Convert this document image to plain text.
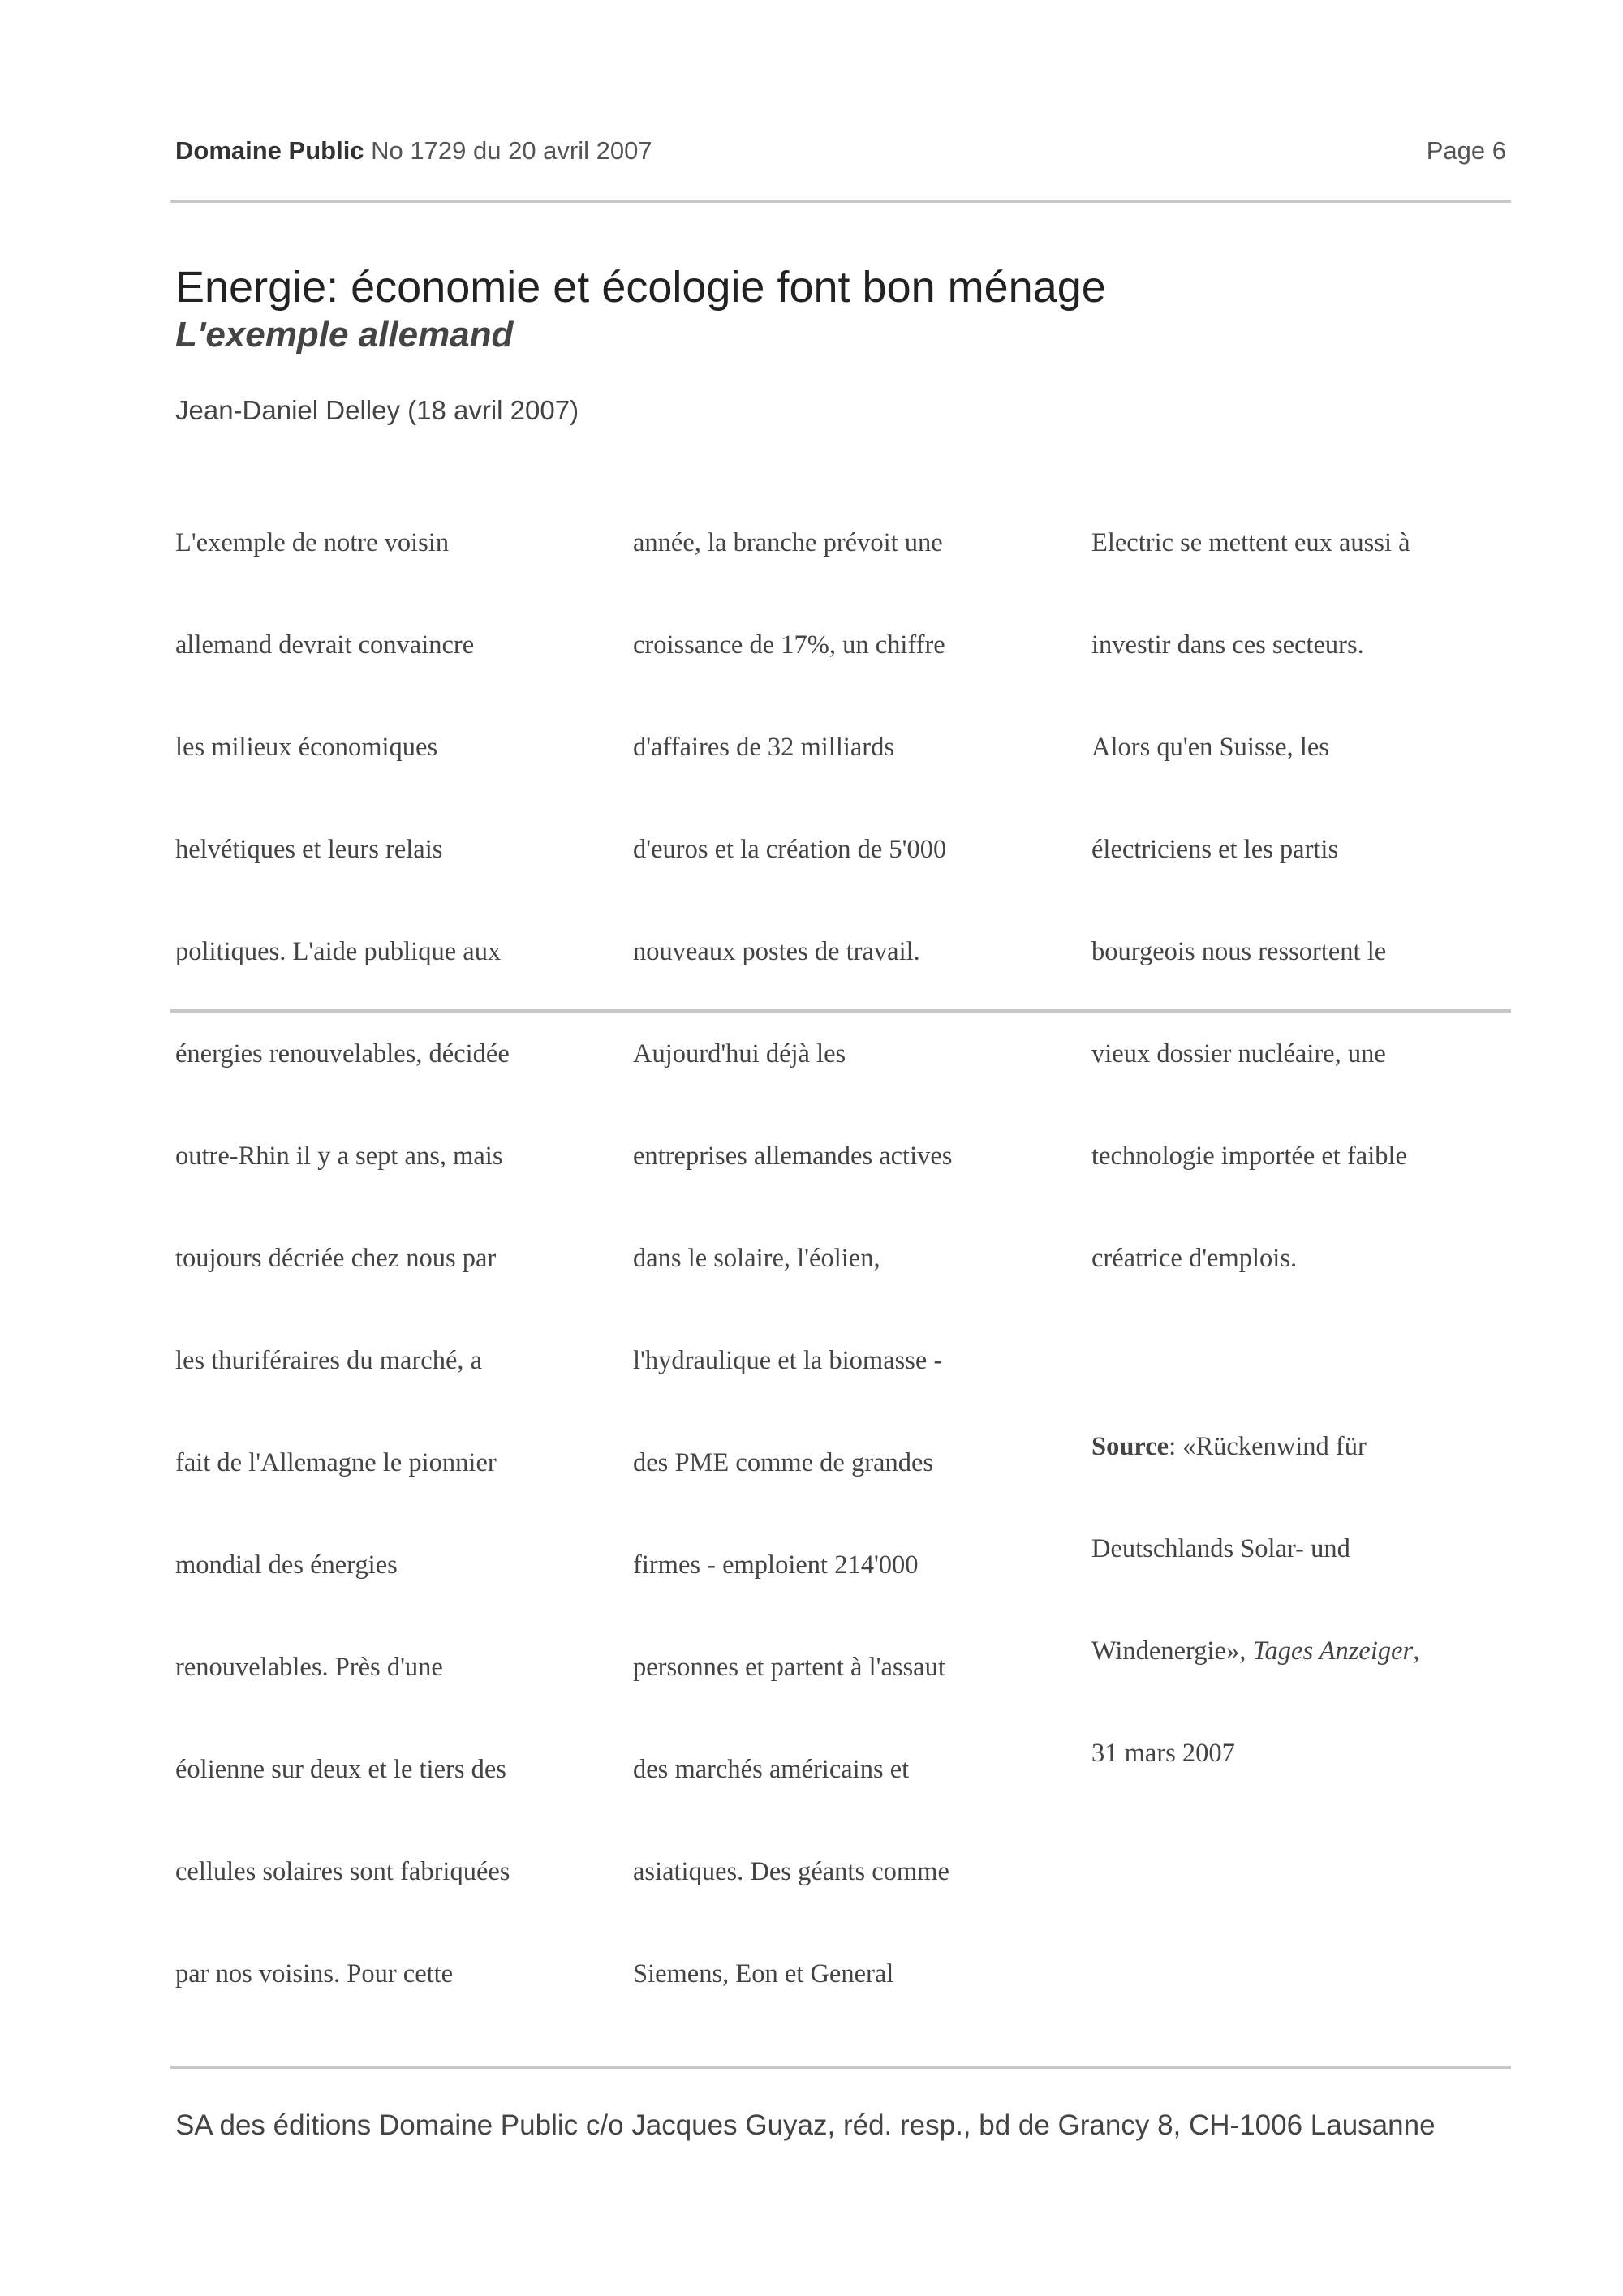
Domaine Public No 1729 du 20 avril 2007	Page 6
Energie: économie et écologie font bon ménage
L'exemple allemand
Jean-Daniel Delley (18 avril 2007)

L'exemple de notre voisin

allemand devrait convaincre

les milieux économiques

helvétiques et leurs relais

politiques. L'aide publique aux

énergies renouvelables, décidée

outre-Rhin il y a sept ans, mais

toujours décriée chez nous par

les thuriféraires du marché, a

fait de l'Allemagne le pionnier

mondial des énergies

renouvelables. Près d'une

éolienne sur deux et le tiers des

cellules solaires sont fabriquées

par nos voisins. Pour cette

année, la branche prévoit une

croissance de 17%, un chiffre

d'affaires de 32 milliards

d'euros et la création de 5'000

nouveaux postes de travail.

Aujourd'hui déjà les

entreprises allemandes actives

dans le solaire, l'éolien,

l'hydraulique et la biomasse -

des PME comme de grandes

firmes - emploient 214'000

personnes et partent à l'assaut

des marchés américains et

asiatiques. Des géants comme

Siemens, Eon et General

Electric se mettent eux aussi à

investir dans ces secteurs.

Alors qu'en Suisse, les

électriciens et les partis

bourgeois nous ressortent le

vieux dossier nucléaire, une

technologie importée et faible

créatrice d'emplois.

Source: «Rückenwind für

Deutschlands Solar- und

Windenergie», Tages Anzeiger,

31 mars 2007

SA des éditions Domaine Public c/o Jacques Guyaz, réd. resp., bd de Grancy 8, CH-1006 Lausanne
